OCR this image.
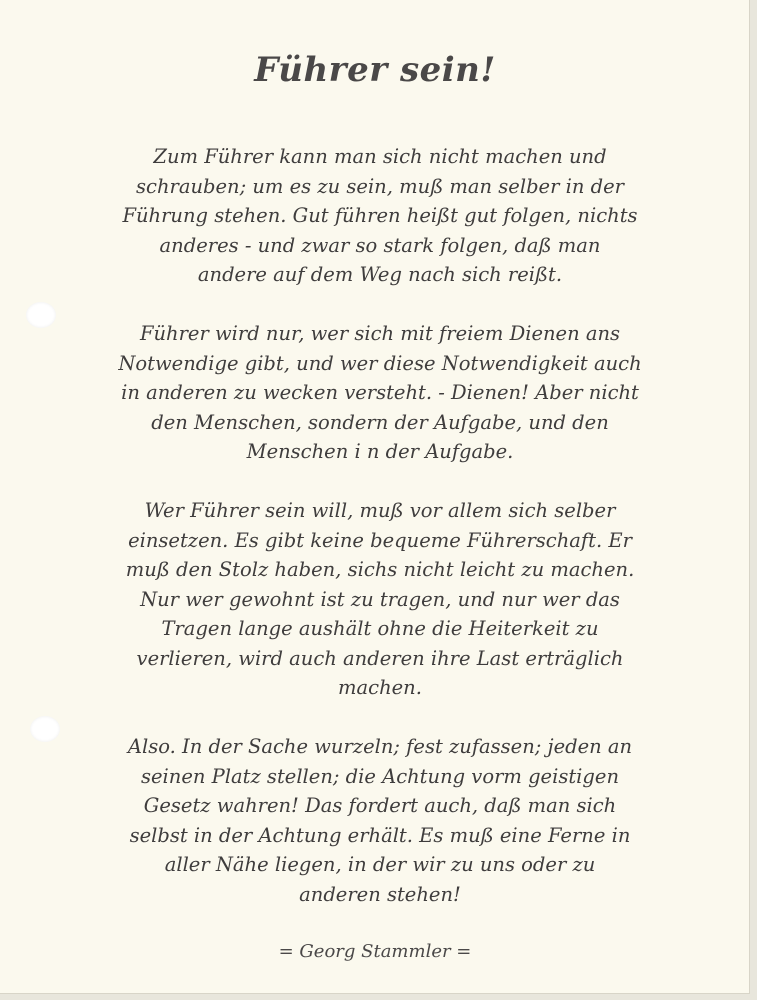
Führer sein!
Zum Führer kann man sich nicht machen und
schrauben; um es zu sein, muß man selber in der
Führung stehen. Gut führen heißt gut folgen, nichts
anderes - und zwar so stark folgen, daß man
andere auf dem Weg nach sich reißt.
Führer wird nur, wer sich mit freiem Dienen ans
Notwendige gibt, und wer diese Notwendigkeit auch
in anderen zu wecken versteht. - Dienen! Aber nicht
den Menschen, sondern der Aufgabe, und den
Menschen i n der Aufgabe.
Wer Führer sein will, muß vor allem sich selber
einsetzen. Es gibt keine bequeme Führerschaft. Er
muß den Stolz haben, sichs nicht leicht zu machen.
Nur wer gewohnt ist zu tragen, und nur wer das
Tragen lange aushält ohne die Heiterkeit zu
verlieren, wird auch anderen ihre Last erträglich
machen.
Also. In der Sache wurzeln; fest zufassen; jeden an
seinen Platz stellen; die Achtung vorm geistigen
Gesetz wahren! Das fordert auch, daß man sich
selbst in der Achtung erhält. Es muß eine Ferne in
aller Nähe liegen, in der wir zu uns oder zu
anderen stehen!
= Georg Stammler =
